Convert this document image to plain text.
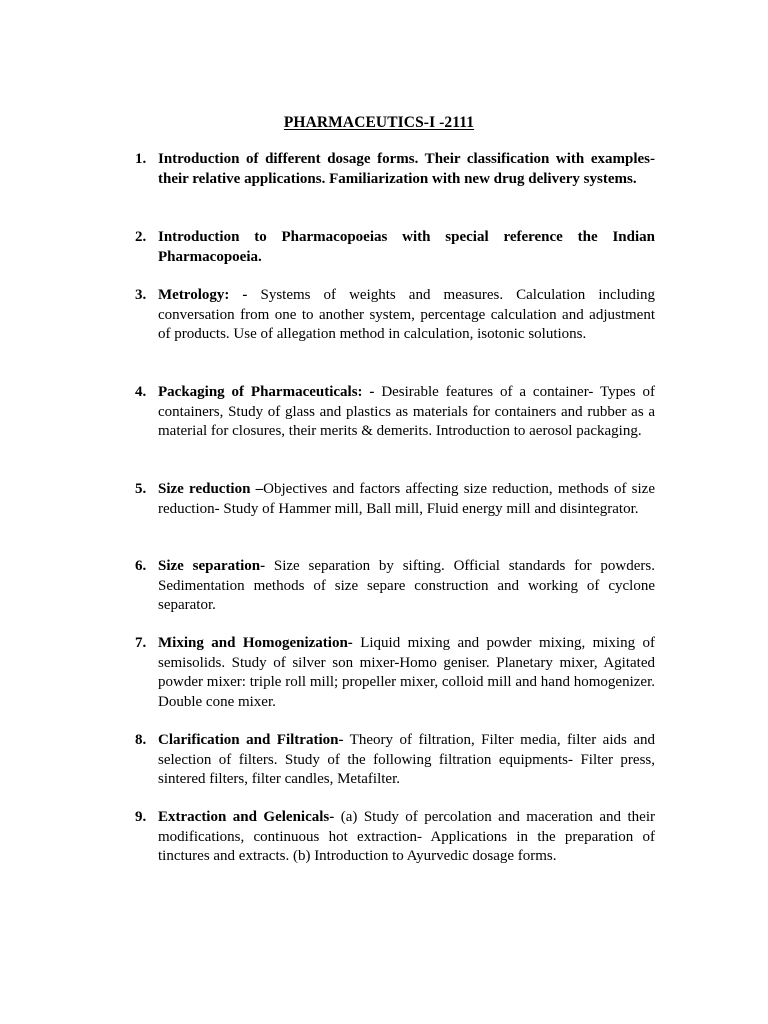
PHARMACEUTICS-I -2111
1. Introduction of different dosage forms. Their classification with examples-their relative applications. Familiarization with new drug delivery systems.
2. Introduction to Pharmacopoeias with special reference the Indian Pharmacopoeia.
3. Metrology: - Systems of weights and measures. Calculation including conversation from one to another system, percentage calculation and adjustment of products. Use of allegation method in calculation, isotonic solutions.
4. Packaging of Pharmaceuticals: - Desirable features of a container- Types of containers, Study of glass and plastics as materials for containers and rubber as a material for closures, their merits & demerits. Introduction to aerosol packaging.
5. Size reduction –Objectives and factors affecting size reduction, methods of size reduction- Study of Hammer mill, Ball mill, Fluid energy mill and disintegrator.
6. Size separation- Size separation by sifting. Official standards for powders. Sedimentation methods of size separe construction and working of cyclone separator.
7. Mixing and Homogenization- Liquid mixing and powder mixing, mixing of semisolids. Study of silver son mixer-Homo geniser. Planetary mixer, Agitated powder mixer: triple roll mill; propeller mixer, colloid mill and hand homogenizer. Double cone mixer.
8. Clarification and Filtration- Theory of filtration, Filter media, filter aids and selection of filters. Study of the following filtration equipments- Filter press, sintered filters, filter candles, Metafilter.
9. Extraction and Gelenicals- (a) Study of percolation and maceration and their modifications, continuous hot extraction- Applications in the preparation of tinctures and extracts. (b) Introduction to Ayurvedic dosage forms.
